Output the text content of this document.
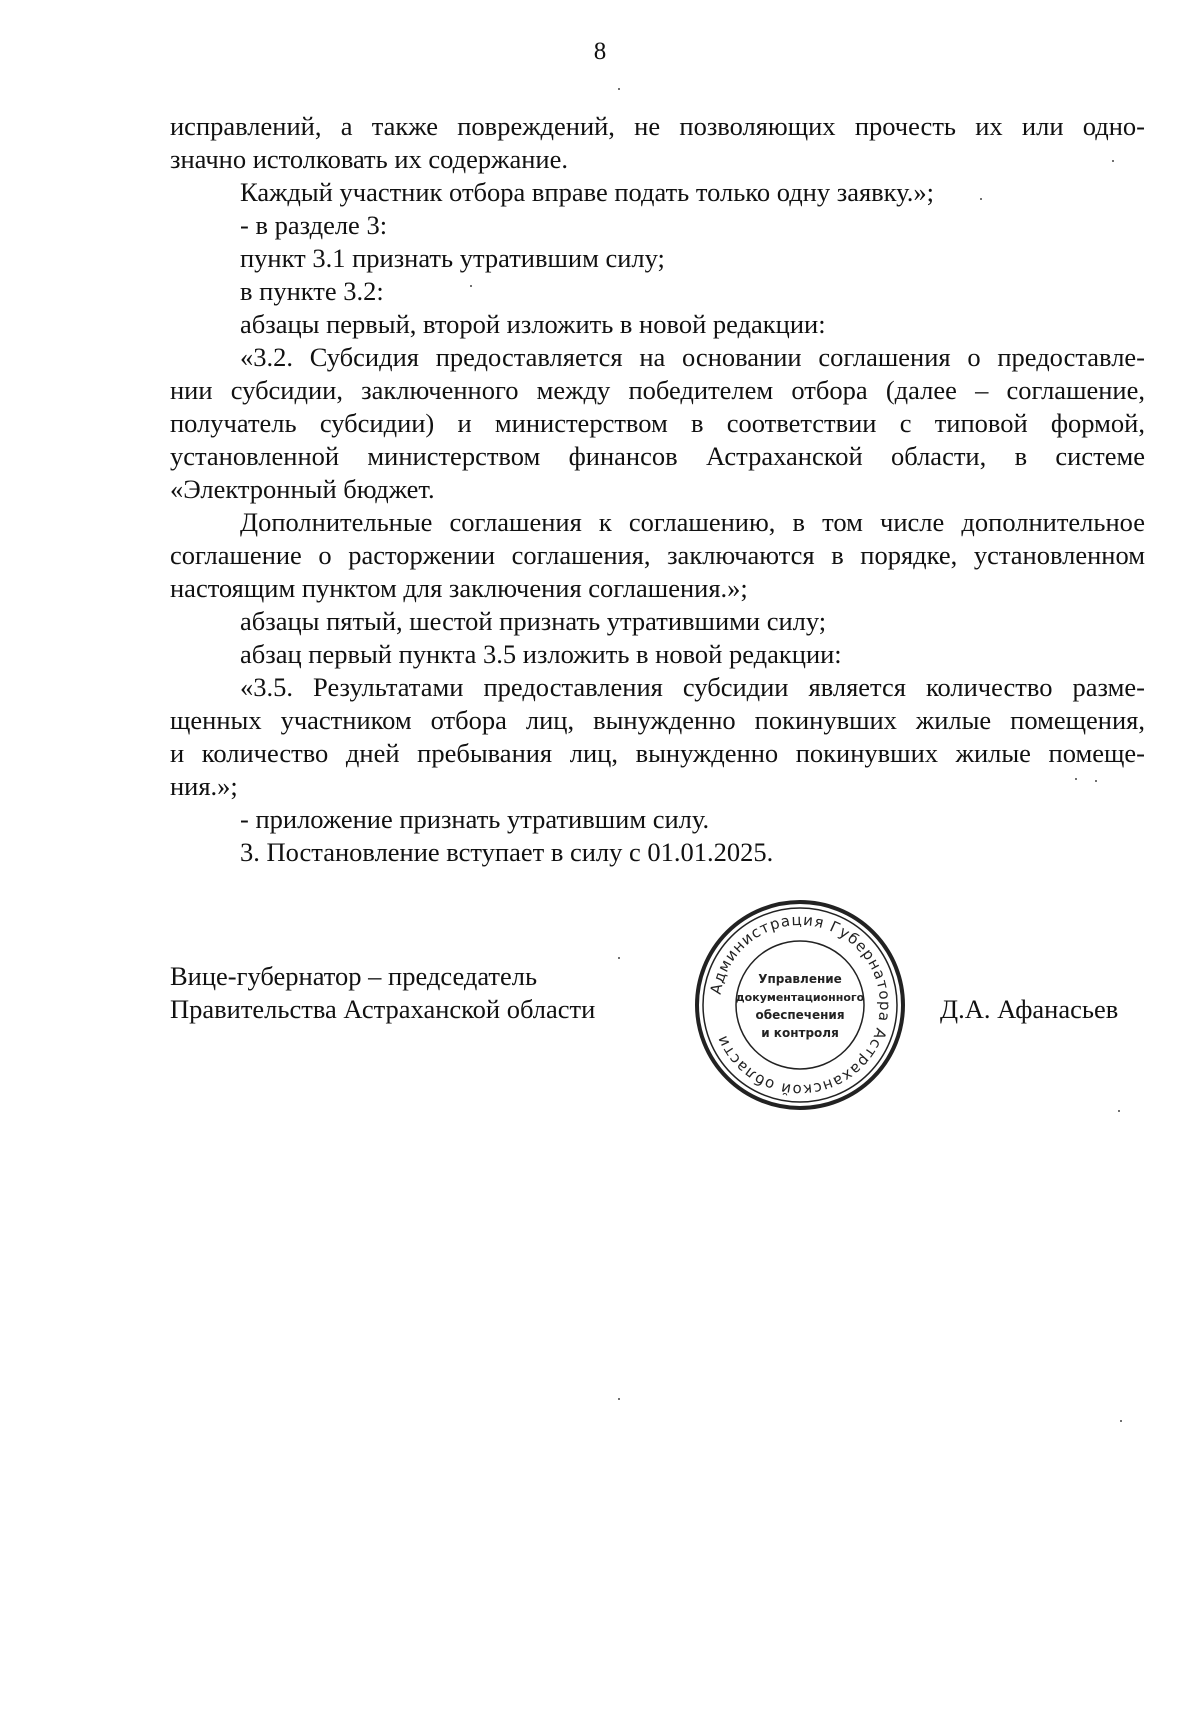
8

исправлений, а также повреждений, не позволяющих прочесть их или одно-
значно истолковать их содержание.

Каждый участник отбора вправе подать только одну заявку.»;

- в разделе 3:

пункт 3.1 признать утратившим силу;

в пункте 3.2:

абзацы первый, второй изложить в новой редакции:

«3.2. Субсидия предоставляется на основании соглашения о предоставле-
нии субсидии, заключенного между победителем отбора (далее – соглашение,
получатель субсидии) и министерством в соответствии с типовой формой,
установленной министерством финансов Астраханской области, в системе
«Электронный бюджет.

Дополнительные соглашения к соглашению, в том числе дополнительное
соглашение о расторжении соглашения, заключаются в порядке, установленном
настоящим пунктом для заключения соглашения.»;

абзацы пятый, шестой признать утратившими силу;

абзац первый пункта 3.5 изложить в новой редакции:

«3.5. Результатами предоставления субсидии является количество разме-
щенных участником отбора лиц, вынужденно покинувших жилые помещения,
и количество дней пребывания лиц, вынужденно покинувших жилые помеще-
ния.»;

- приложение признать утратившим силу.

3. Постановление вступает в силу с 01.01.2025.

Вице-губернатор – председатель
Правительства Астраханской области
Администрация Губернатора Астраханской области
Управление
документационного
обеспечения
и контроля
Д.А. Афанасьев
